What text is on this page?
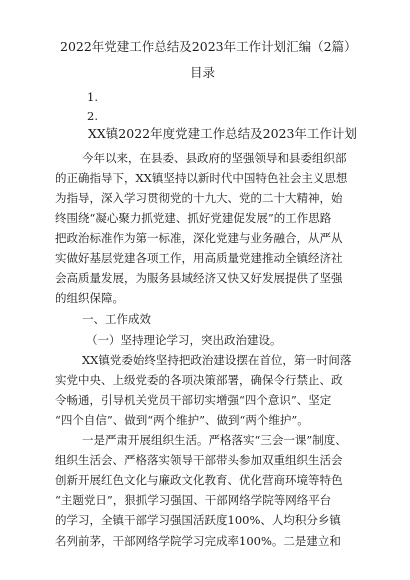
2022年党建工作总结及2023年工作计划汇编（2篇）
目录
1.
2.
XX镇2022年度党建工作总结及2023年工作计划
今年以来，在县委、县政府的坚强领导和县委组织部
的正确指导下，XX镇坚持以新时代中国特色社会主义思想
为指导，深入学习贯彻党的十九大、党的二十大精神，始
终围绕“凝心聚力抓党建、抓好党建促发展”的工作思路
把政治标准作为第一标准，深化党建与业务融合，从严从
实做好基层党建各项工作，用高质量党建推动全镇经济社
会高质量发展，为服务县域经济又快又好发展提供了坚强
的组织保障。
一、工作成效
（一）坚持理论学习，突出政治建设。
XX镇党委始终坚持把政治建设摆在首位，第一时间落
实党中央、上级党委的各项决策部署，确保令行禁止、政
令畅通，引导机关党员干部切实增强“四个意识”、坚定
“四个自信”、做到“两个维护”、做到“两个维护”。
一是严肃开展组织生活。严格落实“三会一课”制度、
组织生活会、严格落实领导干部带头参加双重组织生活会
创新开展红色文化与廉政文化教育、优化营商环境等特色
“主题党日”，狠抓学习强国、干部网络学院等网络平台
的学习，全镇干部学习强国活跃度100%、人均积分乡镇
名列前茅，干部网络学院学习完成率100%。二是建立和
